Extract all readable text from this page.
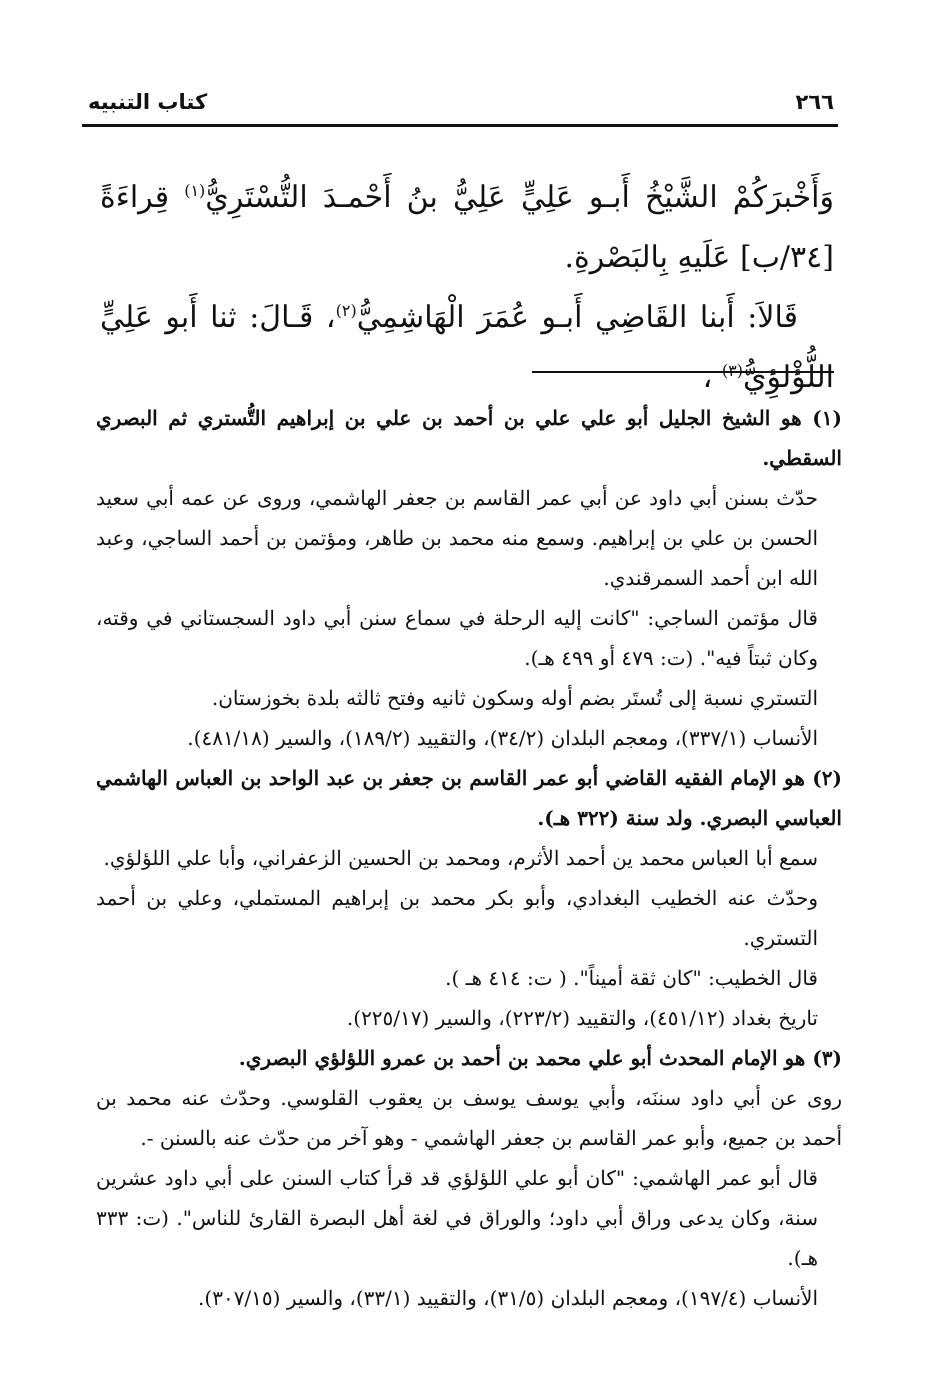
٢٦٦
كتاب التنبيه

وَأَخْبرَكُمْ الشَّيْخُ أَبـو عَلِيٍّ عَلِيُّ بنُ أَحْمـدَ التُّسْتَرِيُّ$^{(١)}$ قِراءَةً [٣٤/ب] عَلَيهِ بِالبَصْرةِ.

قَالاَ: أَبنا القَاضِي أَبـو عُمَرَ الْهَاشِمِيُّ$^{(٢)}$، قَـالَ: ثنا أَبو عَلِيٍّ اللُّؤْلؤِيُّ$^{(٣)}$ ،

(١) هو الشيخ الجليل أبو علي علي بن أحمد بن علي بن إبراهيم التُّستري ثم البصري السقطي.

حدّث بسنن أبي داود عن أبي عمر القاسم بن جعفر الهاشمي، وروى عن عمه أبي سعيد الحسن بن علي بن إبراهيم. وسمع منه محمد بن طاهر، ومؤتمن بن أحمد الساجي، وعبد الله ابن أحمد السمرقندي.

قال مؤتمن الساجي: "كانت إليه الرحلة في سماع سنن أبي داود السجستاني في وقته، وكان ثبتاً فيه". (ت: ٤٧٩ أو ٤٩٩ هـ).

التستري نسبة إلى تُستَر بضم أوله وسكون ثانيه وفتح ثالثه بلدة بخوزستان.

الأنساب (٣٣٧/١)، ومعجم البلدان (٣٤/٢)، والتقييد (١٨٩/٢)، والسير (٤٨١/١٨).

(٢) هو الإمام الفقيه القاضي أبو عمر القاسم بن جعفر بن عبد الواحد بن العباس الهاشمي العباسي البصري. ولد سنة (٣٢٢ هـ).

سمع أبا العباس محمد ين أحمد الأثرم، ومحمد بن الحسين الزعفراني، وأبا علي اللؤلؤي.

وحدّث عنه الخطيب البغدادي، وأبو بكر محمد بن إبراهيم المستملي، وعلي بن أحمد التستري.

قال الخطيب: "كان ثقة أميناً". ( ت: ٤١٤ هـ ).

تاريخ بغداد (٤٥١/١٢)، والتقييد (٢٢٣/٢)، والسير (٢٢٥/١٧).

(٣) هو الإمام المحدث أبو علي محمد بن أحمد بن عمرو اللؤلؤي البصري.

روى عن أبي داود سننَه، وأبي يوسف يوسف بن يعقوب القلوسي. وحدّث عنه محمد بن أحمد بن جميع، وأبو عمر القاسم بن جعفر الهاشمي - وهو آخر من حدّث عنه بالسنن -.

قال أبو عمر الهاشمي: "كان أبو علي اللؤلؤي قد قرأ كتاب السنن على أبي داود عشرين سنة، وكان يدعى وراق أبي داود؛ والوراق في لغة أهل البصرة القارئ للناس". (ت: ٣٣٣ هـ).

الأنساب (١٩٧/٤)، ومعجم البلدان (٣١/٥)، والتقييد (٣٣/١)، والسير (٣٠٧/١٥).
